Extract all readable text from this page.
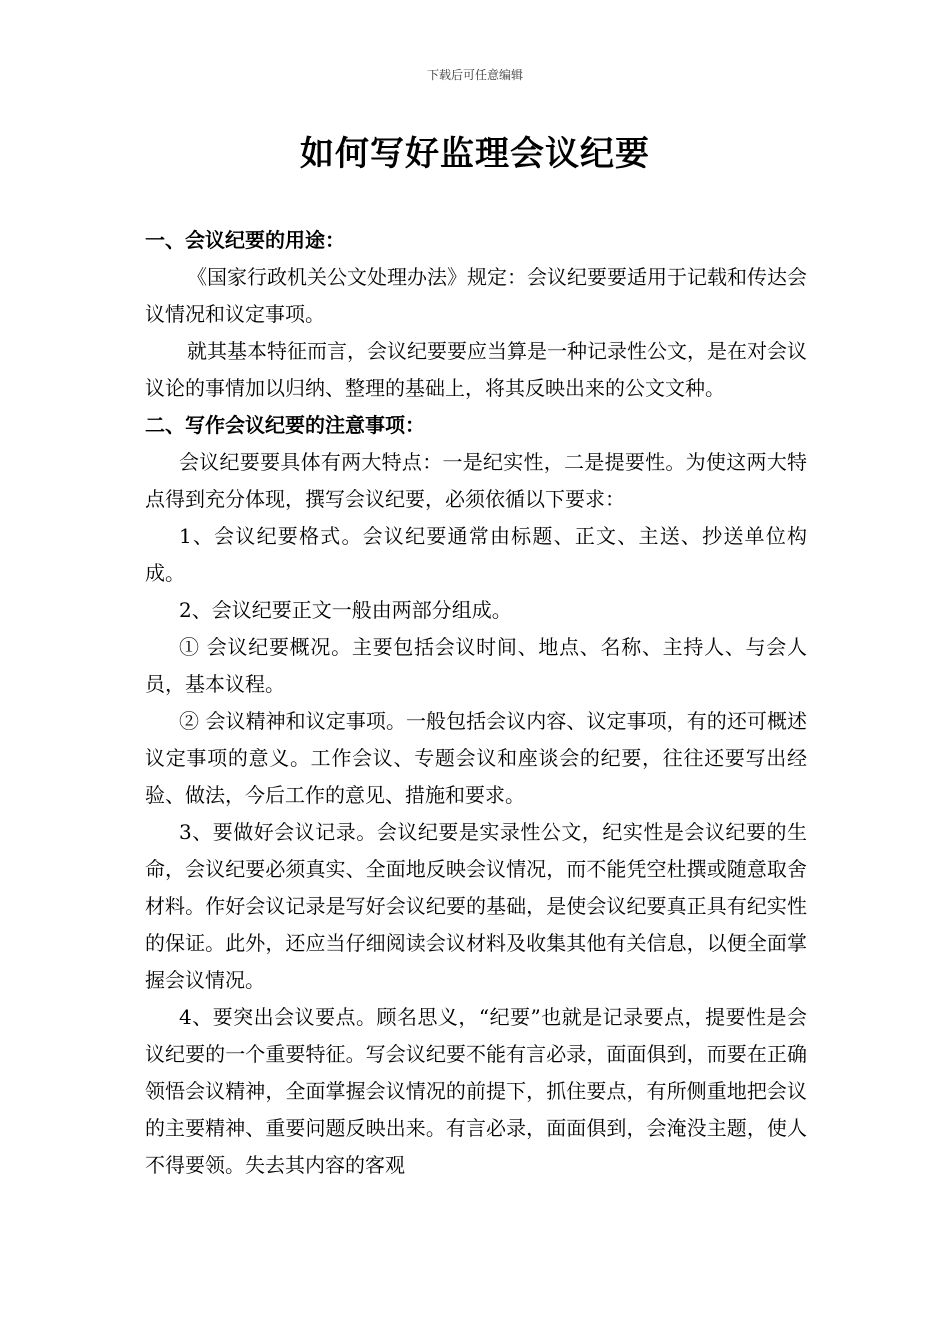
下载后可任意编辑
如何写好监理会议纪要

一、会议纪要的用途：

《国家行政机关公文处理办法》规定：会议纪要要适用于记载和传达会议情况和议定事项。

就其基本特征而言，会议纪要要应当算是一种记录性公文，是在对会议议论的事情加以归纳、整理的基础上，将其反映出来的公文文种。

二、写作会议纪要的注意事项：

会议纪要要具体有两大特点：一是纪实性，二是提要性。为使这两大特点得到充分体现，撰写会议纪要，必须依循以下要求：

1、会议纪要格式。会议纪要通常由标题、正文、主送、抄送单位构成。

2、会议纪要正文一般由两部分组成。

① 会议纪要概况。主要包括会议时间、地点、名称、主持人、与会人员，基本议程。

② 会议精神和议定事项。一般包括会议内容、议定事项，有的还可概述议定事项的意义。工作会议、专题会议和座谈会的纪要，往往还要写出经验、做法，今后工作的意见、措施和要求。

3、要做好会议记录。会议纪要是实录性公文，纪实性是会议纪要的生命，会议纪要必须真实、全面地反映会议情况，而不能凭空杜撰或随意取舍材料。作好会议记录是写好会议纪要的基础，是使会议纪要真正具有纪实性的保证。此外，还应当仔细阅读会议材料及收集其他有关信息，以便全面掌握会议情况。

4、要突出会议要点。顾名思义，“纪要”也就是记录要点，提要性是会议纪要的一个重要特征。写会议纪要不能有言必录，面面俱到，而要在正确领悟会议精神，全面掌握会议情况的前提下，抓住要点，有所侧重地把会议的主要精神、重要问题反映出来。有言必录，面面俱到，会淹没主题，使人不得要领。失去其内容的客观
